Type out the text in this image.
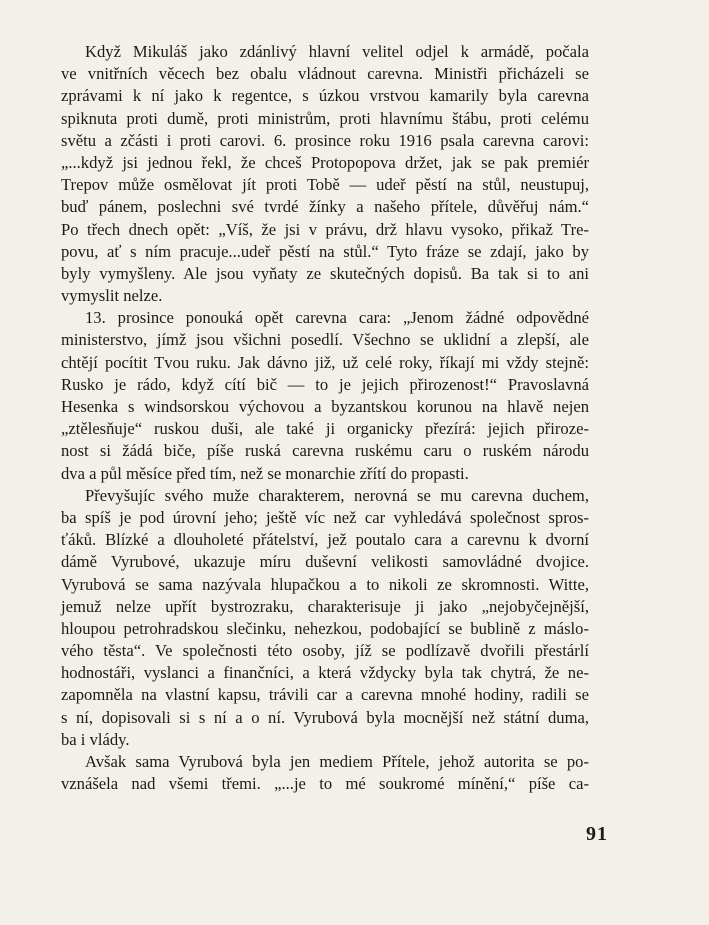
Když Mikuláš jako zdánlivý hlavní velitel odjel k armádě, počala
ve vnitřních věcech bez obalu vládnout carevna. Ministři přicházeli se
zprávami k ní jako k regentce, s úzkou vrstvou kamarily byla carevna
spiknuta proti dumě, proti ministrům, proti hlavnímu štábu, proti celému
světu a zčásti i proti carovi. 6. prosince roku 1916 psala carevna carovi:
„...když jsi jednou řekl, že chceš Protopopova držet, jak se pak premiér
Trepov může osmělovat jít proti Tobě — udeř pěstí na stůl, neustupuj,
buď pánem, poslechni své tvrdé žínky a našeho přítele, důvěřuj nám.“
Po třech dnech opět: „Víš, že jsi v právu, drž hlavu vysoko, přikaž Tre-
povu, ať s ním pracuje...udeř pěstí na stůl.“ Tyto fráze se zdají, jako by
byly vymyšleny. Ale jsou vyňaty ze skutečných dopisů. Ba tak si to ani
vymyslit nelze.
13. prosince ponouká opět carevna cara: „Jenom žádné odpovědné
ministerstvo, jímž jsou všichni posedlí. Všechno se uklidní a zlepší, ale
chtějí pocítit Tvou ruku. Jak dávno již, už celé roky, říkají mi vždy stejně:
Rusko je rádo, když cítí bič — to je jejich přirozenost!“ Pravoslavná
Hesenka s windsorskou výchovou a byzantskou korunou na hlavě nejen
„ztělesňuje“ ruskou duši, ale také ji organicky přezírá: jejich přiroze-
nost si žádá biče, píše ruská carevna ruskému caru o ruském národu
dva a půl měsíce před tím, než se monarchie zřítí do propasti.
Převyšujíc svého muže charakterem, nerovná se mu carevna duchem,
ba spíš je pod úrovní jeho; ještě víc než car vyhledává společnost spros-
ťáků. Blízké a dlouholeté přátelství, jež poutalo cara a carevnu k dvorní
dámě Vyrubové, ukazuje míru duševní velikosti samovládné dvojice.
Vyrubová se sama nazývala hlupačkou a to nikoli ze skromnosti. Witte,
jemuž nelze upřít bystrozraku, charakterisuje ji jako „nejobyčejnější,
hloupou petrohradskou slečinku, nehezkou, podobající se bublině z máslo-
vého těsta“. Ve společnosti této osoby, jíž se podlízavě dvořili přestárlí
hodnostáři, vyslanci a finančníci, a která vždycky byla tak chytrá, že ne-
zapomněla na vlastní kapsu, trávili car a carevna mnohé hodiny, radili se
s ní, dopisovali si s ní a o ní. Vyrubová byla mocnější než státní duma,
ba i vlády.
Avšak sama Vyrubová byla jen mediem Přítele, jehož autorita se po-
vznášela nad všemi třemi. „...je to mé soukromé mínění,“ píše ca-
91
